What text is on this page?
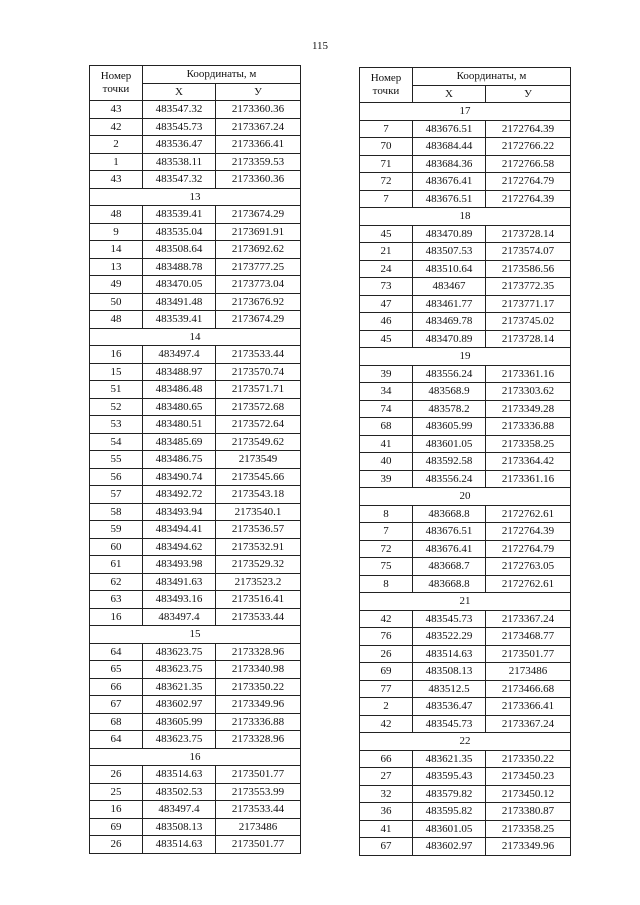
115
Номер
точки	Координаты, м	
	X	У
43	483547.32	2173360.36
42	483545.73	2173367.24
2	483536.47	2173366.41
1	483538.11	2173359.53
43	483547.32	2173360.36
13		
48	483539.41	2173674.29
9	483535.04	2173691.91
14	483508.64	2173692.62
13	483488.78	2173777.25
49	483470.05	2173773.04
50	483491.48	2173676.92
48	483539.41	2173674.29
14		
16	483497.4	2173533.44
15	483488.97	2173570.74
51	483486.48	2173571.71
52	483480.65	2173572.68
53	483480.51	2173572.64
54	483485.69	2173549.62
55	483486.75	2173549
56	483490.74	2173545.66
57	483492.72	2173543.18
58	483493.94	2173540.1
59	483494.41	2173536.57
60	483494.62	2173532.91
61	483493.98	2173529.32
62	483491.63	2173523.2
63	483493.16	2173516.41
16	483497.4	2173533.44
15		
64	483623.75	2173328.96
65	483623.75	2173340.98
66	483621.35	2173350.22
67	483602.97	2173349.96
68	483605.99	2173336.88
64	483623.75	2173328.96
16		
26	483514.63	2173501.77
25	483502.53	2173553.99
16	483497.4	2173533.44
69	483508.13	2173486
26	483514.63	2173501.77
Номер
точки	Координаты, м	
	X	У
17		
7	483676.51	2172764.39
70	483684.44	2172766.22
71	483684.36	2172766.58
72	483676.41	2172764.79
7	483676.51	2172764.39
18		
45	483470.89	2173728.14
21	483507.53	2173574.07
24	483510.64	2173586.56
73	483467	2173772.35
47	483461.77	2173771.17
46	483469.78	2173745.02
45	483470.89	2173728.14
19		
39	483556.24	2173361.16
34	483568.9	2173303.62
74	483578.2	2173349.28
68	483605.99	2173336.88
41	483601.05	2173358.25
40	483592.58	2173364.42
39	483556.24	2173361.16
20		
8	483668.8	2172762.61
7	483676.51	2172764.39
72	483676.41	2172764.79
75	483668.7	2172763.05
8	483668.8	2172762.61
21		
42	483545.73	2173367.24
76	483522.29	2173468.77
26	483514.63	2173501.77
69	483508.13	2173486
77	483512.5	2173466.68
2	483536.47	2173366.41
42	483545.73	2173367.24
22		
66	483621.35	2173350.22
27	483595.43	2173450.23
32	483579.82	2173450.12
36	483595.82	2173380.87
41	483601.05	2173358.25
67	483602.97	2173349.96
